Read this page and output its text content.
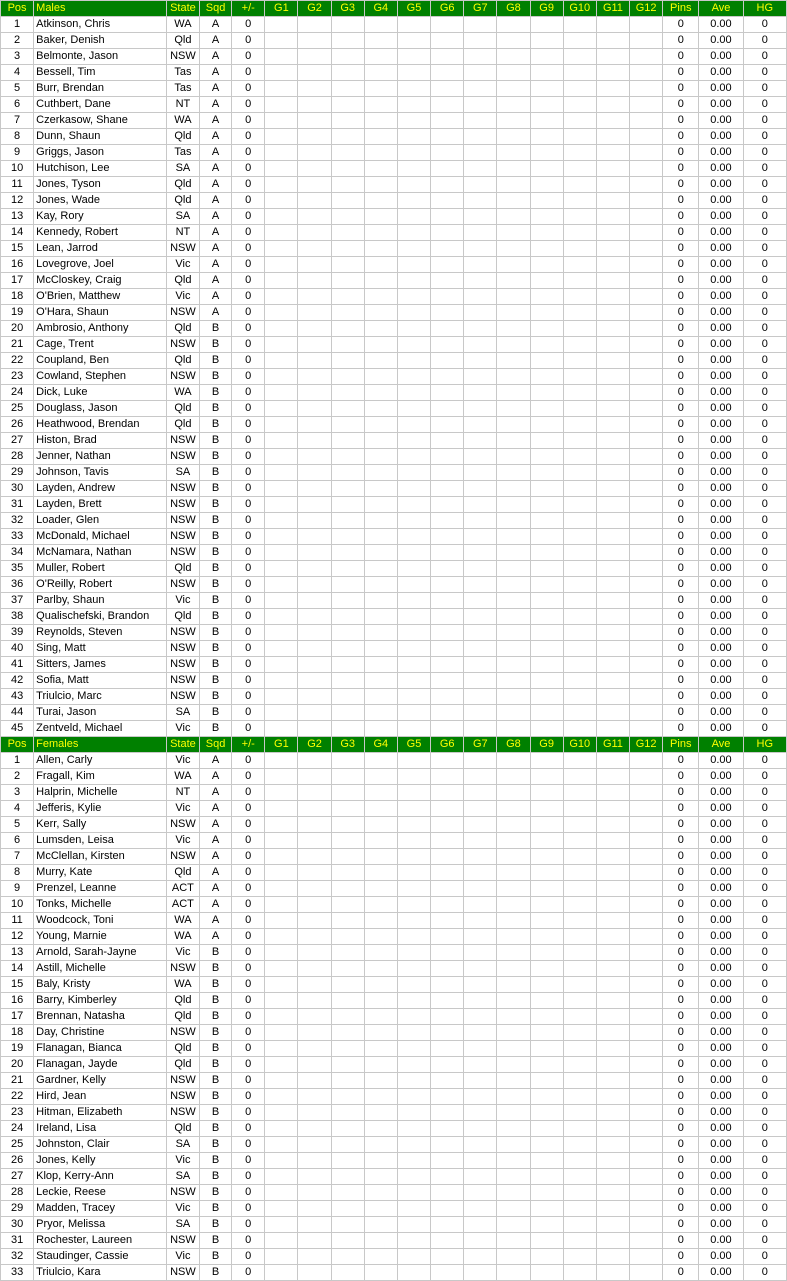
Pos	Males	State	Sqd	+/-	G1	G2	G3	G4	G5	G6	G7	G8	G9	G10	G11	G12	Pins	Ave	HG
1	Atkinson, Chris	WA	A	0													0	0.00	0
2	Baker, Denish	Qld	A	0													0	0.00	0
3	Belmonte, Jason	NSW	A	0													0	0.00	0
4	Bessell, Tim	Tas	A	0													0	0.00	0
5	Burr, Brendan	Tas	A	0													0	0.00	0
6	Cuthbert, Dane	NT	A	0													0	0.00	0
7	Czerkasow, Shane	WA	A	0													0	0.00	0
8	Dunn, Shaun	Qld	A	0													0	0.00	0
9	Griggs, Jason	Tas	A	0													0	0.00	0
10	Hutchison, Lee	SA	A	0													0	0.00	0
11	Jones, Tyson	Qld	A	0													0	0.00	0
12	Jones, Wade	Qld	A	0													0	0.00	0
13	Kay, Rory	SA	A	0													0	0.00	0
14	Kennedy, Robert	NT	A	0													0	0.00	0
15	Lean, Jarrod	NSW	A	0													0	0.00	0
16	Lovegrove, Joel	Vic	A	0													0	0.00	0
17	McCloskey, Craig	Qld	A	0													0	0.00	0
18	O'Brien, Matthew	Vic	A	0													0	0.00	0
19	O'Hara, Shaun	NSW	A	0													0	0.00	0
20	Ambrosio, Anthony	Qld	B	0													0	0.00	0
21	Cage, Trent	NSW	B	0													0	0.00	0
22	Coupland, Ben	Qld	B	0													0	0.00	0
23	Cowland, Stephen	NSW	B	0													0	0.00	0
24	Dick, Luke	WA	B	0													0	0.00	0
25	Douglass, Jason	Qld	B	0													0	0.00	0
26	Heathwood, Brendan	Qld	B	0													0	0.00	0
27	Histon, Brad	NSW	B	0													0	0.00	0
28	Jenner, Nathan	NSW	B	0													0	0.00	0
29	Johnson, Tavis	SA	B	0													0	0.00	0
30	Layden, Andrew	NSW	B	0													0	0.00	0
31	Layden, Brett	NSW	B	0													0	0.00	0
32	Loader, Glen	NSW	B	0													0	0.00	0
33	McDonald, Michael	NSW	B	0													0	0.00	0
34	McNamara, Nathan	NSW	B	0													0	0.00	0
35	Muller, Robert	Qld	B	0													0	0.00	0
36	O'Reilly, Robert	NSW	B	0													0	0.00	0
37	Parlby, Shaun	Vic	B	0													0	0.00	0
38	Qualischefski, Brandon	Qld	B	0													0	0.00	0
39	Reynolds, Steven	NSW	B	0													0	0.00	0
40	Sing, Matt	NSW	B	0													0	0.00	0
41	Sitters, James	NSW	B	0													0	0.00	0
42	Sofia, Matt	NSW	B	0													0	0.00	0
43	Triulcio, Marc	NSW	B	0													0	0.00	0
44	Turai, Jason	SA	B	0													0	0.00	0
45	Zentveld, Michael	Vic	B	0													0	0.00	0
Pos	Females	State	Sqd	+/-	G1	G2	G3	G4	G5	G6	G7	G8	G9	G10	G11	G12	Pins	Ave	HG
1	Allen, Carly	Vic	A	0													0	0.00	0
2	Fragall, Kim	WA	A	0													0	0.00	0
3	Halprin, Michelle	NT	A	0													0	0.00	0
4	Jefferis, Kylie	Vic	A	0													0	0.00	0
5	Kerr, Sally	NSW	A	0													0	0.00	0
6	Lumsden, Leisa	Vic	A	0													0	0.00	0
7	McClellan, Kirsten	NSW	A	0													0	0.00	0
8	Murry, Kate	Qld	A	0													0	0.00	0
9	Prenzel, Leanne	ACT	A	0													0	0.00	0
10	Tonks, Michelle	ACT	A	0													0	0.00	0
11	Woodcock, Toni	WA	A	0													0	0.00	0
12	Young, Marnie	WA	A	0													0	0.00	0
13	Arnold, Sarah-Jayne	Vic	B	0													0	0.00	0
14	Astill, Michelle	NSW	B	0													0	0.00	0
15	Baly, Kristy	WA	B	0													0	0.00	0
16	Barry, Kimberley	Qld	B	0													0	0.00	0
17	Brennan, Natasha	Qld	B	0													0	0.00	0
18	Day, Christine	NSW	B	0													0	0.00	0
19	Flanagan, Bianca	Qld	B	0													0	0.00	0
20	Flanagan, Jayde	Qld	B	0													0	0.00	0
21	Gardner, Kelly	NSW	B	0													0	0.00	0
22	Hird, Jean	NSW	B	0													0	0.00	0
23	Hitman, Elizabeth	NSW	B	0													0	0.00	0
24	Ireland, Lisa	Qld	B	0													0	0.00	0
25	Johnston, Clair	SA	B	0													0	0.00	0
26	Jones, Kelly	Vic	B	0													0	0.00	0
27	Klop, Kerry-Ann	SA	B	0													0	0.00	0
28	Leckie, Reese	NSW	B	0													0	0.00	0
29	Madden, Tracey	Vic	B	0													0	0.00	0
30	Pryor, Melissa	SA	B	0													0	0.00	0
31	Rochester, Laureen	NSW	B	0													0	0.00	0
32	Staudinger, Cassie	Vic	B	0													0	0.00	0
33	Triulcio, Kara	NSW	B	0													0	0.00	0
